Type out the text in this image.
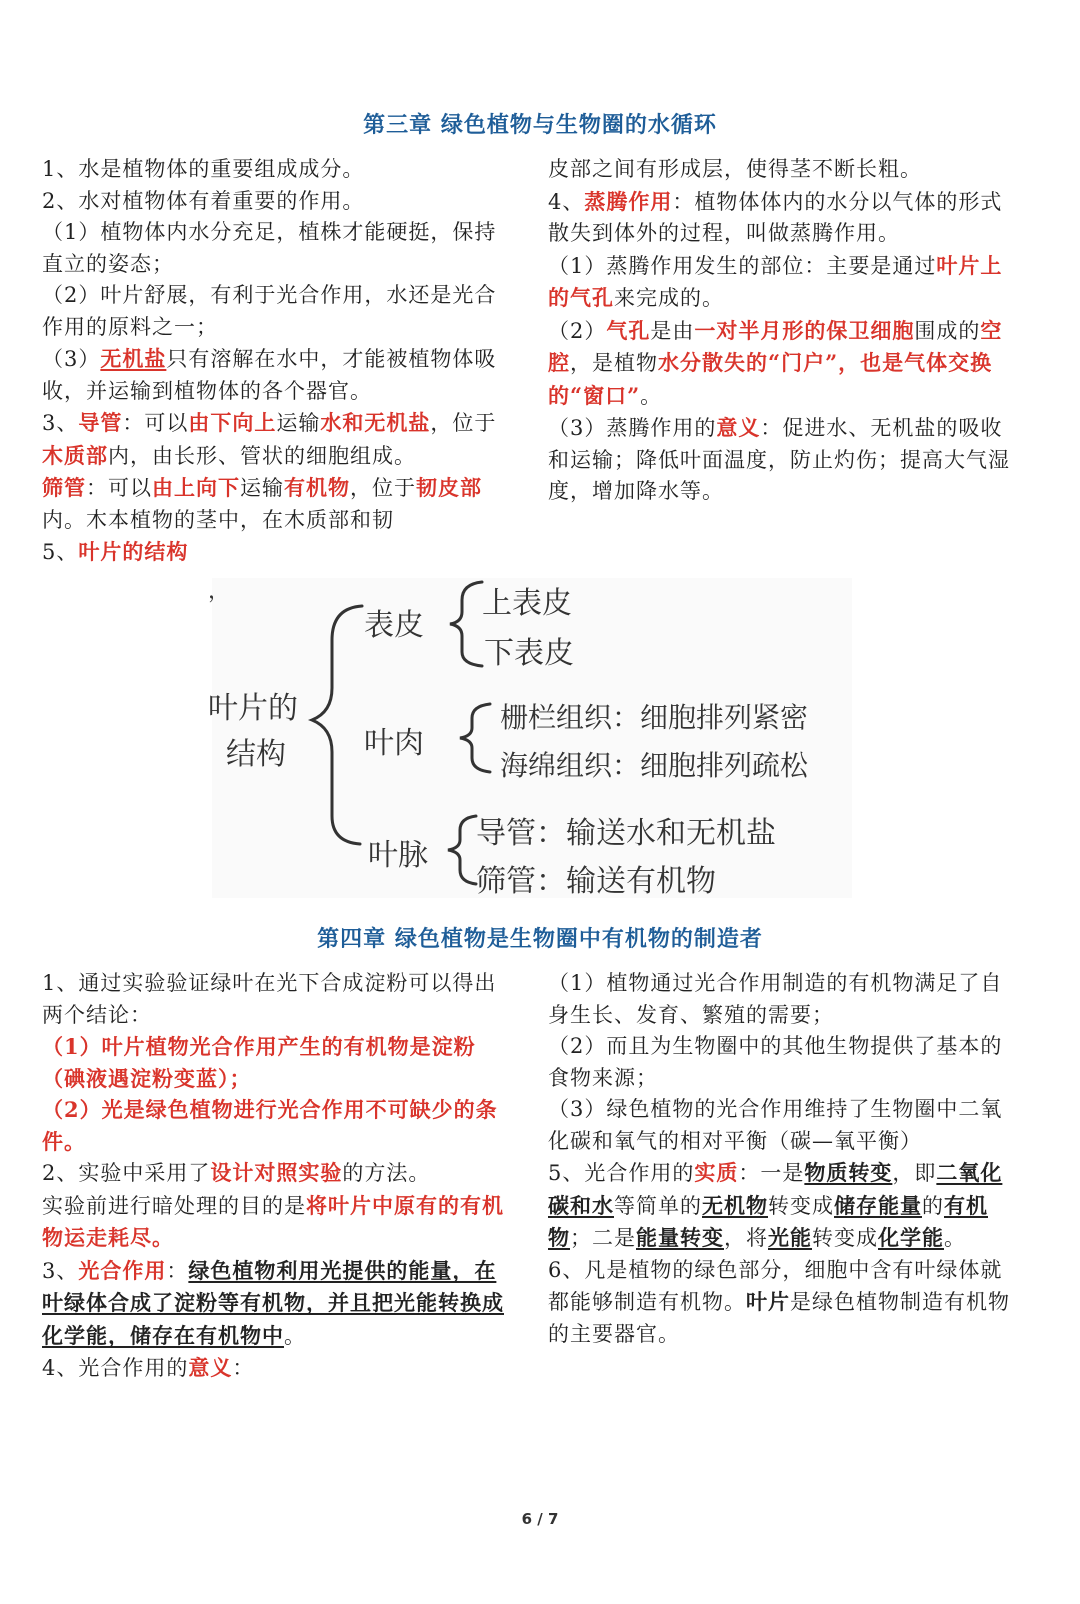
第三章 绿色植物与生物圈的水循环

1、水是植物体的重要组成成分。

2、水对植物体有着重要的作用。

（1）植物体内水分充足，植株才能硬挺，保持直立的姿态；

（2）叶片舒展，有利于光合作用，水还是光合作用的原料之一；

（3）无机盐只有溶解在水中，才能被植物体吸收，并运输到植物体的各个器官。

3、导管：可以由下向上运输水和无机盐，位于木质部内，由长形、管状的细胞组成。

筛管：可以由上向下运输有机物，位于韧皮部内。木本植物的茎中，在木质部和韧

5、叶片的结构

皮部之间有形成层，使得茎不断长粗。

4、蒸腾作用：植物体体内的水分以气体的形式散失到体外的过程，叫做蒸腾作用。

（1）蒸腾作用发生的部位：主要是通过叶片上的气孔来完成的。

（2）气孔是由一对半月形的保卫细胞围成的空腔，是植物水分散失的“门户”，也是气体交换的“窗口”。

（3）蒸腾作用的意义：促进水、无机盐的吸收和运输；降低叶面温度，防止灼伤；提高大气湿度，增加降水等。

，
叶片的
结构
表皮
上表皮
下表皮
叶肉
栅栏组织：细胞排列紧密
海绵组织：细胞排列疏松
叶脉
导管：输送水和无机盐
筛管：输送有机物
第四章 绿色植物是生物圈中有机物的制造者

1、通过实验验证绿叶在光下合成淀粉可以得出两个结论：

（1）叶片植物光合作用产生的有机物是淀粉（碘液遇淀粉变蓝）；

（2）光是绿色植物进行光合作用不可缺少的条件。

2、实验中采用了设计对照实验的方法。

实验前进行暗处理的目的是将叶片中原有的有机物运走耗尽。

3、光合作用：绿色植物利用光提供的能量，在叶绿体合成了淀粉等有机物，并且把光能转换成化学能，储存在有机物中。

4、光合作用的意义：

（1）植物通过光合作用制造的有机物满足了自身生长、发育、繁殖的需要；

（2）而且为生物圈中的其他生物提供了基本的食物来源；

（3）绿色植物的光合作用维持了生物圈中二氧化碳和氧气的相对平衡（碳—氧平衡）

5、光合作用的实质：一是物质转变，即二氧化碳和水等简单的无机物转变成储存能量的有机物；二是能量转变，将光能转变成化学能。

6、凡是植物的绿色部分，细胞中含有叶绿体就都能够制造有机物。叶片是绿色植物制造有机物的主要器官。

6 / 7
